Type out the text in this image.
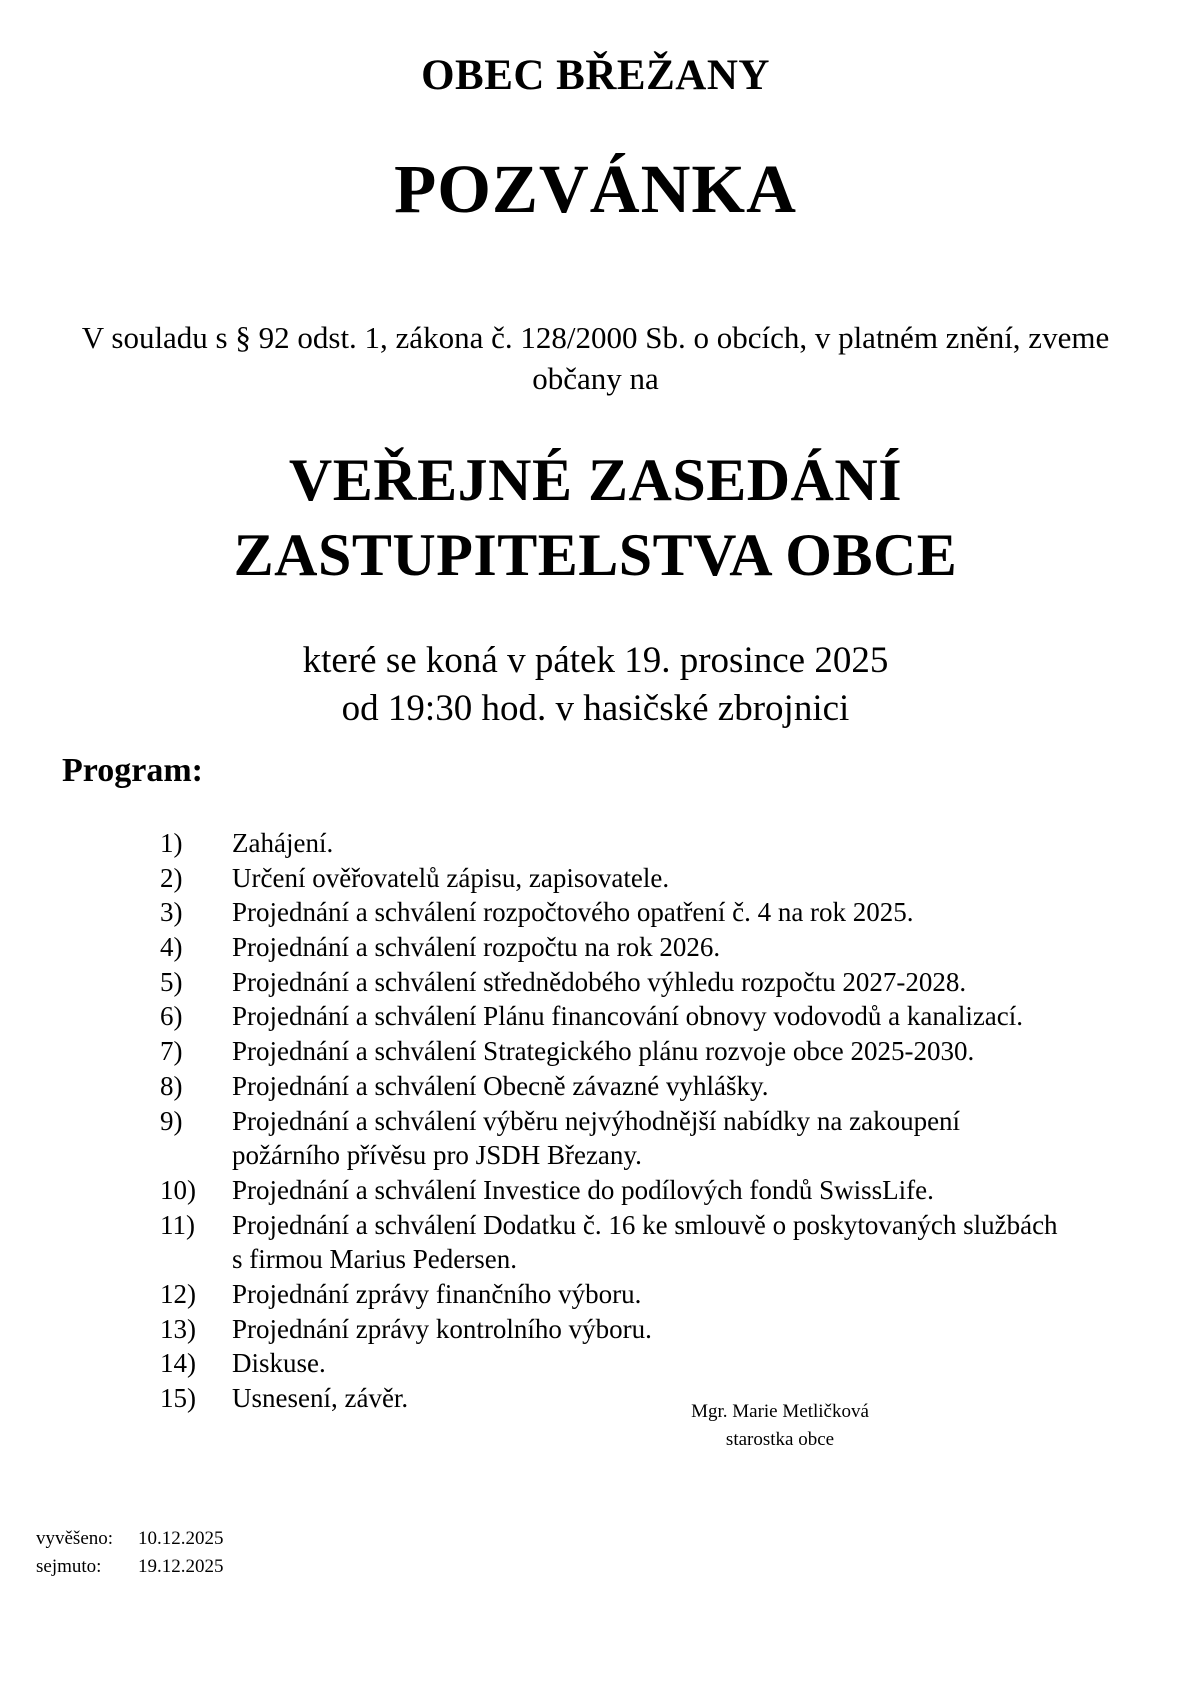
OBEC BŘEŽANY
POZVÁNKA
V souladu s § 92 odst. 1, zákona č. 128/2000 Sb. o obcích, v platném znění, zveme občany na
VEŘEJNÉ ZASEDÁNÍ
ZASTUPITELSTVA OBCE
které se koná v pátek 19. prosince 2025
od 19:30 hod. v hasičské zbrojnici
Program:
1)	Zahájení.
2)	Určení ověřovatelů zápisu, zapisovatele.
3)	Projednání a schválení rozpočtového opatření č. 4 na rok 2025.
4)	Projednání a schválení rozpočtu na rok 2026.
5)	Projednání a schválení střednědobého výhledu rozpočtu 2027-2028.
6)	Projednání a schválení Plánu financování obnovy vodovodů a kanalizací.
7)	Projednání a schválení Strategického plánu rozvoje obce 2025-2030.
8)	Projednání a schválení Obecně závazné vyhlášky.
9)	Projednání a schválení výběru nejvýhodnější nabídky na zakoupení požárního přívěsu pro JSDH Březany.
10)	Projednání a schválení Investice do podílových fondů SwissLife.
11)	Projednání a schválení Dodatku č. 16 ke smlouvě o poskytovaných službách s firmou Marius Pedersen.
12)	Projednání zprávy finančního výboru.
13)	Projednání zprávy kontrolního výboru.
14)	Diskuse.
15)	Usnesení, závěr.	Mgr. Marie Metličková
starostka obce
vyvěšeno:	10.12.2025
sejmuto:	19.12.2025
